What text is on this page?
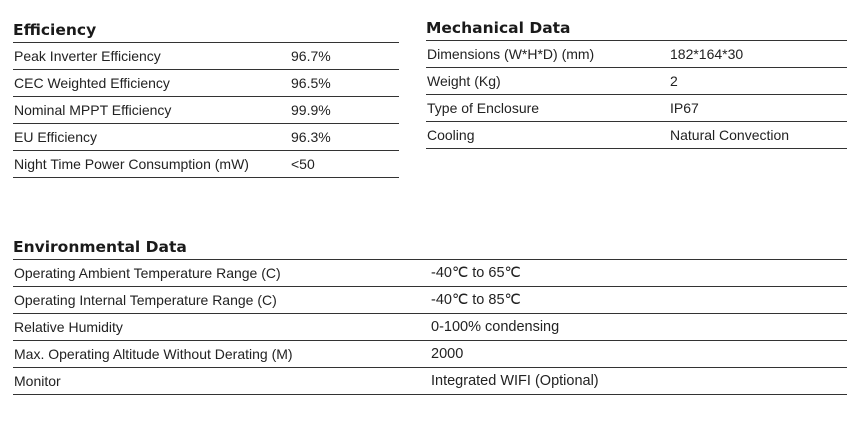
Efficiency
Peak Inverter Efficiency	96.7%
CEC Weighted Efficiency	96.5%
Nominal MPPT Efficiency	99.9%
EU Efficiency	96.3%
Night Time Power Consumption (mW)	<50
Mechanical Data
Dimensions (W*H*D) (mm)	182*164*30
Weight (Kg)	2
Type of Enclosure	IP67
Cooling	Natural Convection
Environmental Data
Operating Ambient Temperature Range (C)	-40℃ to 65℃
Operating Internal Temperature Range (C)	-40℃ to 85℃
Relative Humidity	0-100% condensing
Max. Operating Altitude Without Derating (M)	2000
Monitor	Integrated WIFI (Optional)
